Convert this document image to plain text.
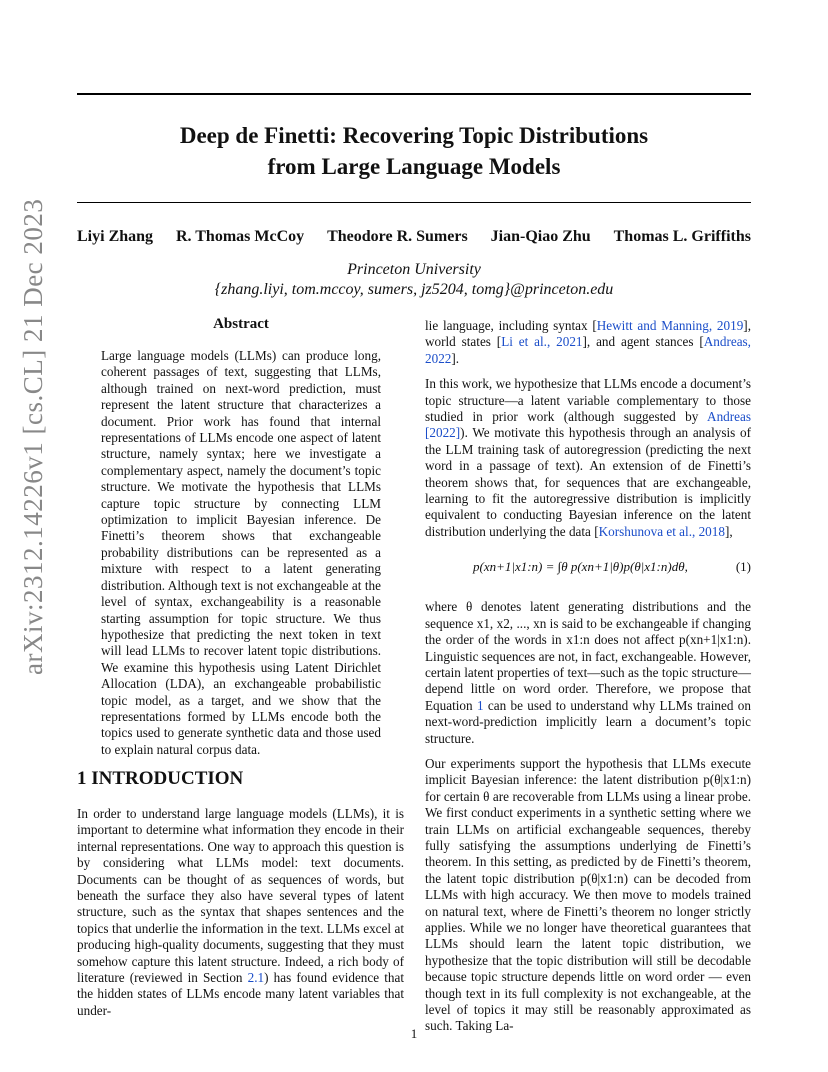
Deep de Finetti: Recovering Topic Distributions
from Large Language Models
Liyi Zhang R. Thomas McCoy Theodore R. Sumers Jian-Qiao Zhu Thomas L. Griffiths
Princeton University
{zhang.liyi, tom.mccoy, sumers, jz5204, tomg}@princeton.edu
arXiv:2312.14226v1 [cs.CL] 21 Dec 2023	Abstract
Large language models (LLMs) can produce long, coherent passages of text, suggesting that LLMs, although trained on next-word prediction, must represent the latent structure that characterizes a document. Prior work has found that internal representations of LLMs encode one aspect of latent structure, namely syntax; here we investigate a complementary aspect, namely the document’s topic structure. We motivate the hypothesis that LLMs capture topic structure by connecting LLM optimization to implicit Bayesian inference. De Finetti’s theorem shows that exchangeable probability distributions can be represented as a mixture with respect to a latent generating distribution. Although text is not exchangeable at the level of syntax, exchangeability is a reasonable starting assumption for topic structure. We thus hypothesize that predicting the next token in text will lead LLMs to recover latent topic distributions. We examine this hypothesis using Latent Dirichlet Allocation (LDA), an exchangeable probabilistic topic model, as a target, and we show that the representations formed by LLMs encode both the topics used to generate synthetic data and those used to explain natural corpus data.
1 INTRODUCTION
In order to understand large language models (LLMs), it is important to determine what information they encode in their internal representations. One way to approach this question is by considering what LLMs model: text documents. Documents can be thought of as sequences of words, but beneath the surface they also have several types of latent structure, such as the syntax that shapes sentences and the topics that underlie the information in the text. LLMs excel at producing high-quality documents, suggesting that they must somehow capture this latent structure. Indeed, a rich body of literature (reviewed in Section 2.1) has found evidence that the hidden states of LLMs encode many latent variables that under-

lie language, including syntax [Hewitt and Manning, 2019], world states [Li et al., 2021], and agent stances [Andreas, 2022].

In this work, we hypothesize that LLMs encode a document’s topic structure—a latent variable complementary to those studied in prior work (although suggested by Andreas [2022]). We motivate this hypothesis through an analysis of the LLM training task of autoregression (predicting the next word in a passage of text). An extension of de Finetti’s theorem shows that, for sequences that are exchangeable, learning to fit the autoregressive distribution is implicitly equivalent to conducting Bayesian inference on the latent distribution underlying the data [Korshunova et al., 2018],

p(xn+1|x1:n) = ∫θ p(xn+1|θ)p(θ|x1:n)dθ,	(1)

where θ denotes latent generating distributions and the sequence x1, x2, ..., xn is said to be exchangeable if changing the order of the words in x1:n does not affect p(xn+1|x1:n). Linguistic sequences are not, in fact, exchangeable. However, certain latent properties of text—such as the topic structure—depend little on word order. Therefore, we propose that Equation 1 can be used to understand why LLMs trained on next-word-prediction implicitly learn a document’s topic structure.

Our experiments support the hypothesis that LLMs execute implicit Bayesian inference: the latent distribution p(θ|x1:n) for certain θ are recoverable from LLMs using a linear probe. We first conduct experiments in a synthetic setting where we train LLMs on artificial exchangeable sequences, thereby fully satisfying the assumptions underlying de Finetti’s theorem. In this setting, as predicted by de Finetti’s theorem, the latent topic distribution p(θ|x1:n) can be decoded from LLMs with high accuracy. We then move to models trained on natural text, where de Finetti’s theorem no longer strictly applies. While we no longer have theoretical guarantees that LLMs should learn the latent topic distribution, we hypothesize that the topic distribution will still be decodable because topic structure depends little on word order — even though text in its full complexity is not exchangeable, at the level of topics it may still be reasonably approximated as such. Taking La-

1
